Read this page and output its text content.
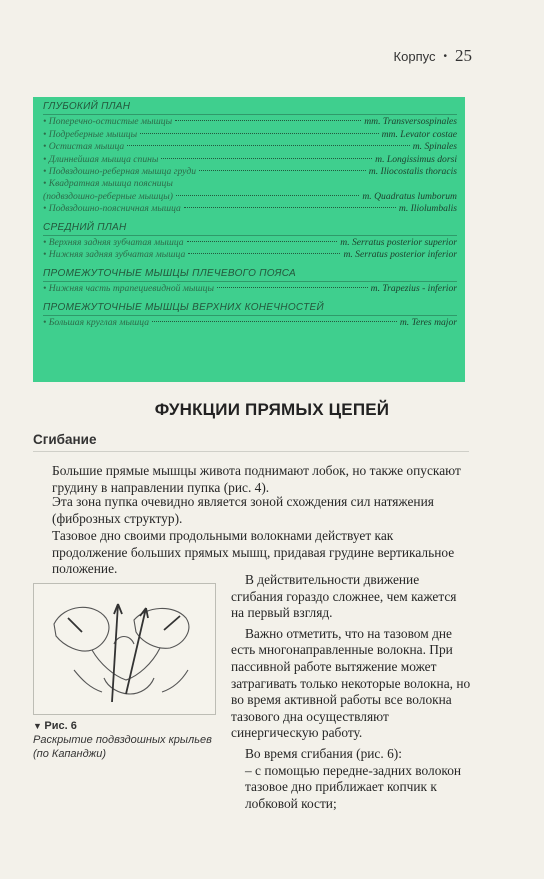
Корпус • 25
ГЛУБОКИЙ ПЛАН
• Поперечно-остистые мышцы	mm. Transversospinales
• Подреберные мышцы	mm. Levator costae
• Остистая мышца	m. Spinales
• Длиннейшая мышца спины	m. Longissimus dorsi
• Подвздошно-реберная мышца груди	m. Iliocostalis thoracis
• Квадратная мышца поясницы
(подвздошно-реберные мышцы)	m. Quadratus lumborum
• Подвздошно-поясничная мышца	m. Iliolumbalis
СРЕДНИЙ ПЛАН
• Верхняя задняя зубчатая мышца	m. Serratus posterior superior
• Нижняя задняя зубчатая мышца	m. Serratus posterior inferior
ПРОМЕЖУТОЧНЫЕ МЫШЦЫ ПЛЕЧЕВОГО ПОЯСА
• Нижняя часть трапециевидной мышцы	m. Trapezius - inferior
ПРОМЕЖУТОЧНЫЕ МЫШЦЫ ВЕРХНИХ КОНЕЧНОСТЕЙ
• Большая круглая мышца	m. Teres major
ФУНКЦИИ ПРЯМЫХ ЦЕПЕЙ
Сгибание
Большие прямые мышцы живота поднимают лобок, но также опускают грудину в направлении пупка (рис. 4).
Эта зона пупка очевидно является зоной схождения сил натяжения (фиброзных структур).
Тазовое дно своими продольными волокнами действует как продолжение больших прямых мышц, придавая грудине вертикальное положение.
▼ Рис. 6
Раскрытие подвздошных крыльев (по Капанджи)

В действительности движение сгибания гораздо сложнее, чем кажется на первый взгляд.

Важно отметить, что на тазовом дне есть многонаправленные волокна. При пассивной работе вытяжение может затрагивать только некоторые волокна, но во время активной работы все волокна тазового дна осуществляют синергическую работу.

Во время сгибания (рис. 6):

– с помощью передне-задних волокон тазовое дно приближает копчик к лобковой кости;
